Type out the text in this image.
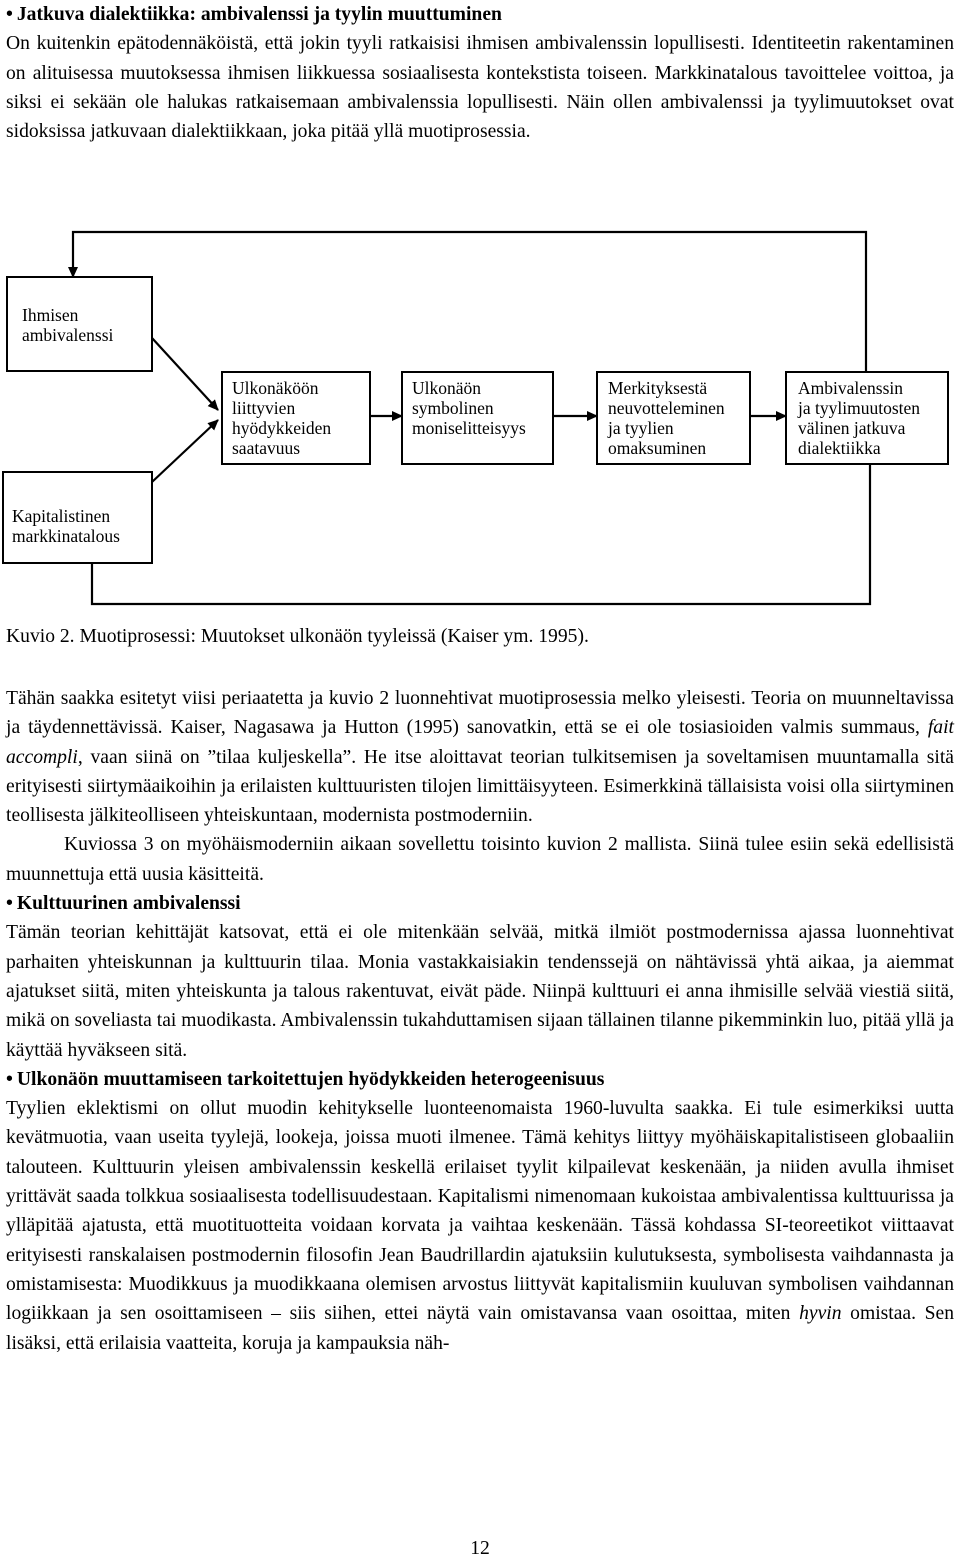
• Jatkuva dialektiikka: ambivalenssi ja tyylin muuttuminen

On kuitenkin epätodennäköistä, että jokin tyyli ratkaisisi ihmisen ambivalenssin lopullisesti. Identiteetin rakentaminen on alituisessa muutoksessa ihmisen liikkuessa sosiaalisesta kontekstista toiseen. Markkinatalous tavoittelee voittoa, ja siksi ei sekään ole halukas ratkaisemaan ambivalenssia lopullisesti. Näin ollen ambivalenssi ja tyylimuutokset ovat sidoksissa jatkuvaan dialektiikkaan, joka pitää yllä muotiprosessia.

Ihmisen ambivalenssi
Kapitalistinen markkinatalous
Ulkonäköön liittyvien hyödykkeiden saatavuus
Ulkonäön symbolinen moniselitteisyys
Merkityksestä neuvotteleminen ja tyylien omaksuminen
Ambivalenssin ja tyylimuutosten välinen jatkuva dialektiikka
Kuvio 2. Muotiprosessi: Muutokset ulkonäön tyyleissä (Kaiser ym. 1995).

Tähän saakka esitetyt viisi periaatetta ja kuvio 2 luonnehtivat muotiprosessia melko yleisesti. Teoria on muunneltavissa ja täydennettävissä. Kaiser, Nagasawa ja Hutton (1995) sanovatkin, että se ei ole tosiasioiden valmis summaus, fait accompli, vaan siinä on ”tilaa kuljeskella”. He itse aloittavat teorian tulkitsemisen ja soveltamisen muuntamalla sitä erityisesti siirtymäaikoihin ja erilaisten kulttuuristen tilojen limittäisyyteen. Esimerkkinä tällaisista voisi olla siirtyminen teollisesta jälkiteolliseen yhteiskuntaan, modernista postmoderniin.

Kuviossa 3 on myöhäismoderniin aikaan sovellettu toisinto kuvion 2 mallista. Siinä tulee esiin sekä edellisistä muunnettuja että uusia käsitteitä.

• Kulttuurinen ambivalenssi

Tämän teorian kehittäjät katsovat, että ei ole mitenkään selvää, mitkä ilmiöt postmodernissa ajassa luonnehtivat parhaiten yhteiskunnan ja kulttuurin tilaa. Monia vastakkaisiakin tendenssejä on nähtävissä yhtä aikaa, ja aiemmat ajatukset siitä, miten yhteiskunta ja talous rakentuvat, eivät päde. Niinpä kulttuuri ei anna ihmisille selvää viestiä siitä, mikä on soveliasta tai muodikasta. Ambivalenssin tukahduttamisen sijaan tällainen tilanne pikemminkin luo, pitää yllä ja käyttää hyväkseen sitä.

• Ulkonäön muuttamiseen tarkoitettujen hyödykkeiden heterogeenisuus

Tyylien eklektismi on ollut muodin kehitykselle luonteenomaista 1960-luvulta saakka. Ei tule esimerkiksi uutta kevätmuotia, vaan useita tyylejä, lookeja, joissa muoti ilmenee. Tämä kehitys liittyy myöhäiskapitalistiseen globaaliin talouteen. Kulttuurin yleisen ambivalenssin keskellä erilaiset tyylit kilpailevat keskenään, ja niiden avulla ihmiset yrittävät saada tolkkua sosiaalisesta todellisuudestaan. Kapitalismi nimenomaan kukoistaa ambivalentissa kulttuurissa ja ylläpitää ajatusta, että muotituotteita voidaan korvata ja vaihtaa keskenään. Tässä kohdassa SI-teoreetikot viittaavat erityisesti ranskalaisen postmodernin filosofin Jean Baudrillardin ajatuksiin kulutuksesta, symbolisesta vaihdannasta ja omistamisesta: Muodikkuus ja muodikkaana olemisen arvostus liittyvät kapitalismiin kuuluvan symbolisen vaihdannan logiikkaan ja sen osoittamiseen – siis siihen, ettei näytä vain omistavansa vaan osoittaa, miten hyvin omistaa. Sen lisäksi, että erilaisia vaatteita, koruja ja kampauksia näh-

12
